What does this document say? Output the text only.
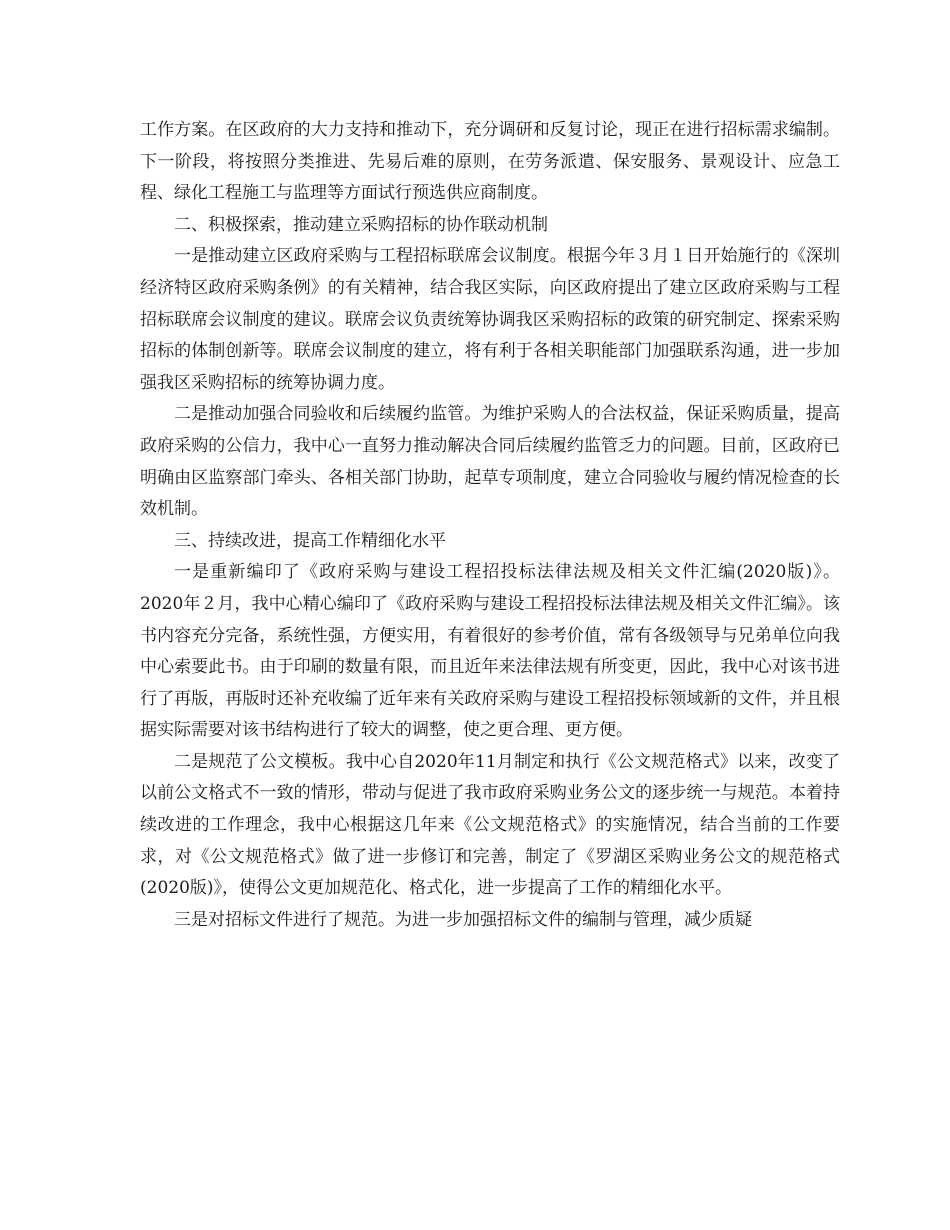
工作方案。在区政府的大力支持和推动下，充分调研和反复讨论，现正在进行招标需求编制。下一阶段，将按照分类推进、先易后难的原则，在劳务派遣、保安服务、景观设计、应急工程、绿化工程施工与监理等方面试行预选供应商制度。

二、积极探索，推动建立采购招标的协作联动机制

一是推动建立区政府采购与工程招标联席会议制度。根据今年３月１日开始施行的《深圳经济特区政府采购条例》的有关精神，结合我区实际，向区政府提出了建立区政府采购与工程招标联席会议制度的建议。联席会议负责统筹协调我区采购招标的政策的研究制定、探索采购招标的体制创新等。联席会议制度的建立，将有利于各相关职能部门加强联系沟通，进一步加强我区采购招标的统筹协调力度。

二是推动加强合同验收和后续履约监管。为维护采购人的合法权益，保证采购质量，提高政府采购的公信力，我中心一直努力推动解决合同后续履约监管乏力的问题。目前，区政府已明确由区监察部门牵头、各相关部门协助，起草专项制度，建立合同验收与履约情况检查的长效机制。

三、持续改进，提高工作精细化水平

一是重新编印了《政府采购与建设工程招投标法律法规及相关文件汇编(2020版)》。2020年２月，我中心精心编印了《政府采购与建设工程招投标法律法规及相关文件汇编》。该书内容充分完备，系统性强，方便实用，有着很好的参考价值，常有各级领导与兄弟单位向我中心索要此书。由于印刷的数量有限，而且近年来法律法规有所变更，因此，我中心对该书进行了再版，再版时还补充收编了近年来有关政府采购与建设工程招投标领域新的文件，并且根据实际需要对该书结构进行了较大的调整，使之更合理、更方便。

二是规范了公文模板。我中心自2020年11月制定和执行《公文规范格式》以来，改变了以前公文格式不一致的情形，带动与促进了我市政府采购业务公文的逐步统一与规范。本着持续改进的工作理念，我中心根据这几年来《公文规范格式》的实施情况，结合当前的工作要求，对《公文规范格式》做了进一步修订和完善，制定了《罗湖区采购业务公文的规范格式(2020版)》，使得公文更加规范化、格式化，进一步提高了工作的精细化水平。

三是对招标文件进行了规范。为进一步加强招标文件的编制与管理，减少质疑
